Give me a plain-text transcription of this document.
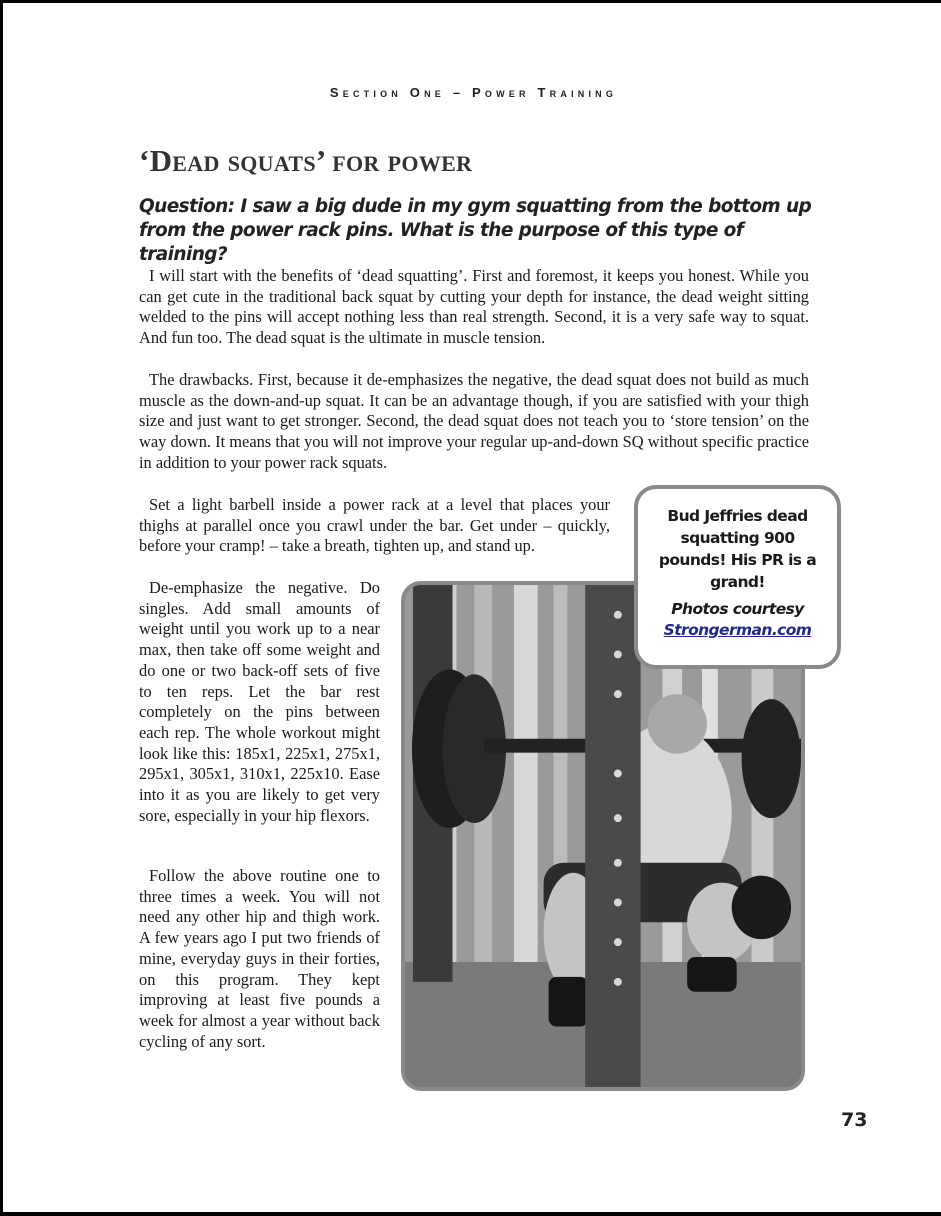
Section One – Power Training
‘Dead squats’ for power

Question: I saw a big dude in my gym squatting from the bottom up from the power rack pins. What is the purpose of this type of training?

I will start with the benefits of ‘dead squatting’. First and foremost, it keeps you honest. While you can get cute in the traditional back squat by cutting your depth for instance, the dead weight sitting welded to the pins will accept nothing less than real strength. Second, it is a very safe way to squat. And fun too. The dead squat is the ultimate in muscle tension.

The drawbacks. First, because it de-emphasizes the negative, the dead squat does not build as much muscle as the down-and-up squat. It can be an advantage though, if you are satisfied with your thigh size and just want to get stronger. Second, the dead squat does not teach you to ‘store tension’ on the way down. It means that you will not improve your regular up-and-down SQ without specific practice in addition to your power rack squats.

Set a light barbell inside a power rack at a level that places your thighs at parallel once you crawl under the bar. Get under – quickly, before your cramp! – take a breath, tighten up, and stand up.

De-emphasize the negative. Do singles. Add small amounts of weight until you work up to a near max, then take off some weight and do one or two back-off sets of five to ten reps. Let the bar rest completely on the pins between each rep. The whole workout might look like this: 185x1, 225x1, 275x1, 295x1, 305x1, 310x1, 225x10. Ease into it as you are likely to get very sore, especially in your hip flexors.

Follow the above routine one to three times a week. You will not need any other hip and thigh work. A few years ago I put two friends of mine, everyday guys in their forties, on this program. They kept improving at least five pounds a week for almost a year without back cycling of any sort.

Bud Jeffries dead squatting 900 pounds! His PR is a grand!
Photos courtesy
Strongerman.com
73
